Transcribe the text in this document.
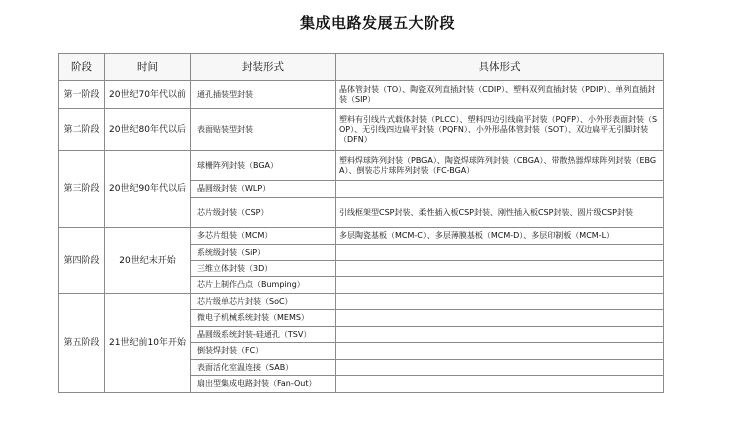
集成电路发展五大阶段
阶段	时间	封装形式	具体形式
第一阶段	20世纪70年代以前	通孔插装型封装	晶体管封装（TO）、陶瓷双列直插封装（CDIP）、塑料双列直插封装（PDIP）、单列直插封装（SIP）
第二阶段	20世纪80年代以后	表面贴装型封装	塑料有引线片式载体封装（PLCC）、塑料四边引线扁平封装（PQFP）、小外形表面封装（SOP）、无引线四边扁平封装（PQFN）、小外形晶体管封装（SOT）、双边扁平无引脚封装（DFN）
第三阶段	20世纪90年代以后	球栅阵列封装（BGA）	塑料焊球阵列封装（PBGA）、陶瓷焊球阵列封装（CBGA）、带散热器焊球阵列封装（EBGA）、倒装芯片球阵列封装（FC-BGA）
		晶圆级封装（WLP）	
		芯片级封装（CSP）	引线框架型CSP封装、柔性插入板CSP封装、刚性插入板CSP封装、圆片级CSP封装
第四阶段	20世纪末开始	多芯片组装（MCM）	多层陶瓷基板（MCM-C）、多层薄膜基板（MCM-D）、多层印制板（MCM-L）
		系统级封装（SiP）	
		三维立体封装（3D）	
		芯片上制作凸点（Bumping）	
第五阶段	21世纪前10年开始	芯片级单芯片封装（SoC）	
		微电子机械系统封装（MEMS）	
		晶圆级系统封装-硅通孔（TSV）	
		倒装焊封装（FC）	
		表面活化室温连接（SAB）	
		扇出型集成电路封装（Fan-Out）	
